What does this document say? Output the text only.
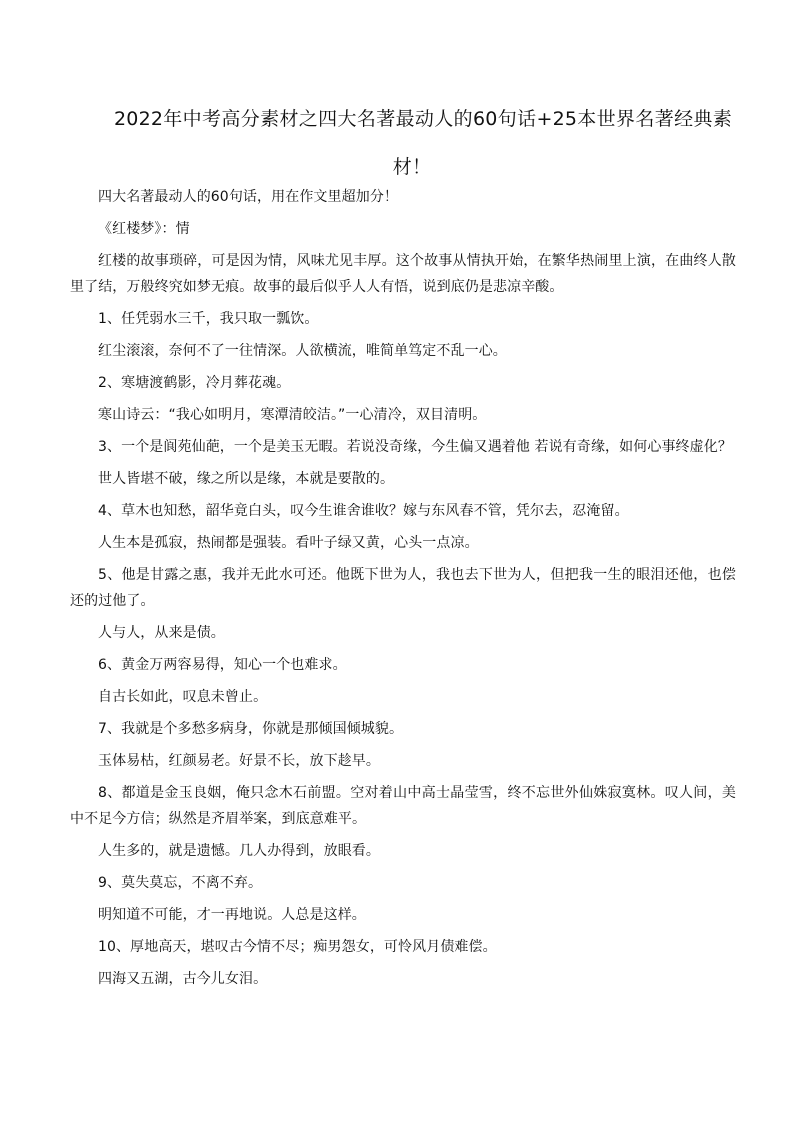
2022年中考高分素材之四大名著最动人的60句话+25本世界名著经典素材！

四大名著最动人的60句话，用在作文里超加分！

《红楼梦》：情

红楼的故事琐碎，可是因为情，风味尤见丰厚。这个故事从情执开始，在繁华热闹里上演，在曲终人散里了结，万般终究如梦无痕。故事的最后似乎人人有悟，说到底仍是悲凉辛酸。

1、任凭弱水三千，我只取一瓢饮。

红尘滚滚，奈何不了一往情深。人欲横流，唯简单笃定不乱一心。

2、寒塘渡鹤影，冷月葬花魂。

寒山诗云：“我心如明月，寒潭清皎洁。”一心清冷，双目清明。

3、一个是阆苑仙葩，一个是美玉无暇。若说没奇缘，今生偏又遇着他 若说有奇缘，如何心事终虚化？

世人皆堪不破，缘之所以是缘，本就是要散的。

4、草木也知愁，韶华竟白头，叹今生谁舍谁收？嫁与东风春不管，凭尔去，忍淹留。

人生本是孤寂，热闹都是强装。看叶子绿又黄，心头一点凉。

5、他是甘露之惠，我并无此水可还。他既下世为人，我也去下世为人，但把我一生的眼泪还他，也偿还的过他了。

人与人，从来是债。

6、黄金万两容易得，知心一个也难求。

自古长如此，叹息未曾止。

7、我就是个多愁多病身，你就是那倾国倾城貌。

玉体易枯，红颜易老。好景不长，放下趁早。

8、都道是金玉良姻，俺只念木石前盟。空对着山中高士晶莹雪，终不忘世外仙姝寂寞林。叹人间，美中不足今方信；纵然是齐眉举案，到底意难平。

人生多的，就是遗憾。几人办得到，放眼看。

9、莫失莫忘，不离不弃。

明知道不可能，才一再地说。人总是这样。

10、厚地高天，堪叹古今情不尽；痴男怨女，可怜风月债难偿。

四海又五湖，古今儿女泪。
